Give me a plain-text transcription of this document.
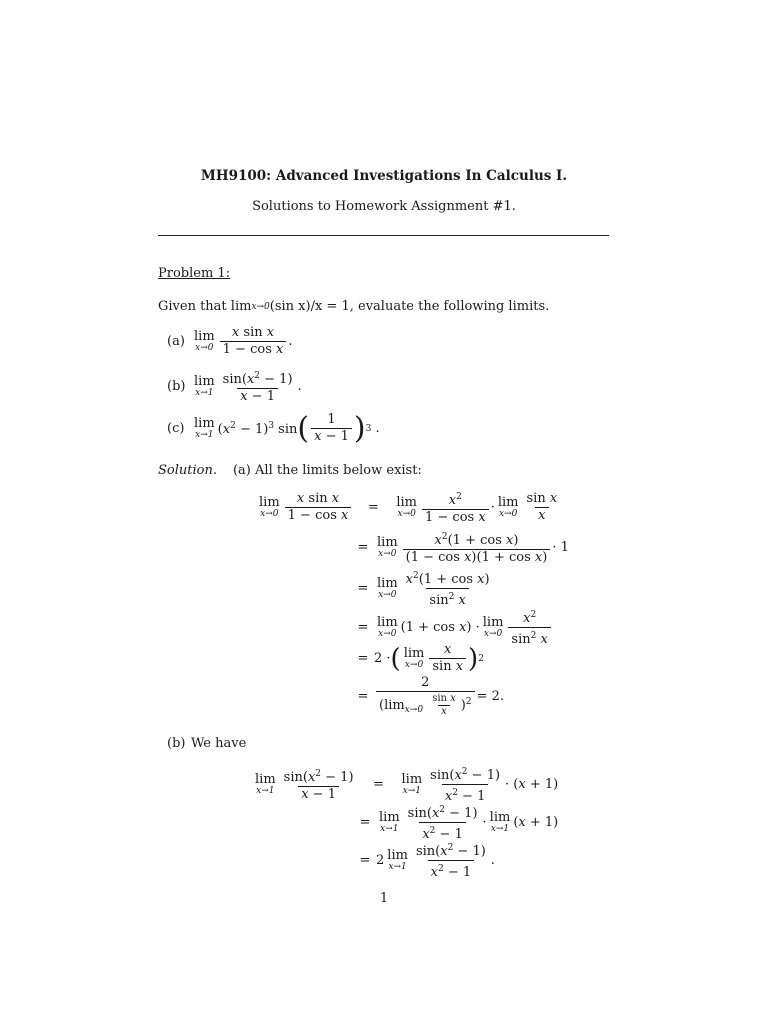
MH9100: Advanced Investigations In Calculus I.
Solutions to Homework Assignment #1.
Problem 1:
Given that lim x→0 (sin x)/x = 1, evaluate the following limits.
(a) lim
$x\to 0 \frac{\text{x sin x}}{\text{1 − cos x}}$ .
(b) lim
$x\to 1 \frac{\sin(x^2 - 1)}{x - 1}$ .
(c) lim
x→1 $(x^2 - 1)^3$ sin ( $\frac{1}{x - 1}$ ) 3 .
Solution. (a)
All the limits below exist:
lim
$x\to 0 \frac{\text{x sin x}}{\text{1 − cos x}}$	=	lim
$x\to 0 \frac{x^2}{\text{1 − cos x}} \cdot \lim$
$x\to 0 \frac{\text{sin x}}{x}$
= lim
$x\to 0 \frac{x^2(1 + \cos x)}{\text{(1 − cos x)(1 + cos x)}} \cdot 1$
= lim
$x\to 0 \frac{x^2(1 + \cos x)}{\sin^2 x}$
= lim
x→0 (1 + cos x) · lim
$x\to 0 \frac{x^2}{\sin^2 x}$
= 2 · ( lim
$x\to 0 \frac{x}{\text{sin x}}$ ) 2
= $\frac{2}{(\lim_{x\to 0} \frac{\text{sin x}}{x} )^2} = 2$.
(b) We have
lim
$x\to 1 \frac{\sin(x^2 - 1)}{x - 1}$	=	lim
$x\to 1 \frac{\sin(x^2 - 1)}{x^2 - 1} \cdot (x + 1)$
= lim
$x\to 1 \frac{\sin(x^2 - 1)}{x^2 - 1} \cdot \lim$
x→1 (x + 1)
= 2 lim
$x\to 1 \frac{\sin(x^2 - 1)}{x^2 - 1}$ .
1
